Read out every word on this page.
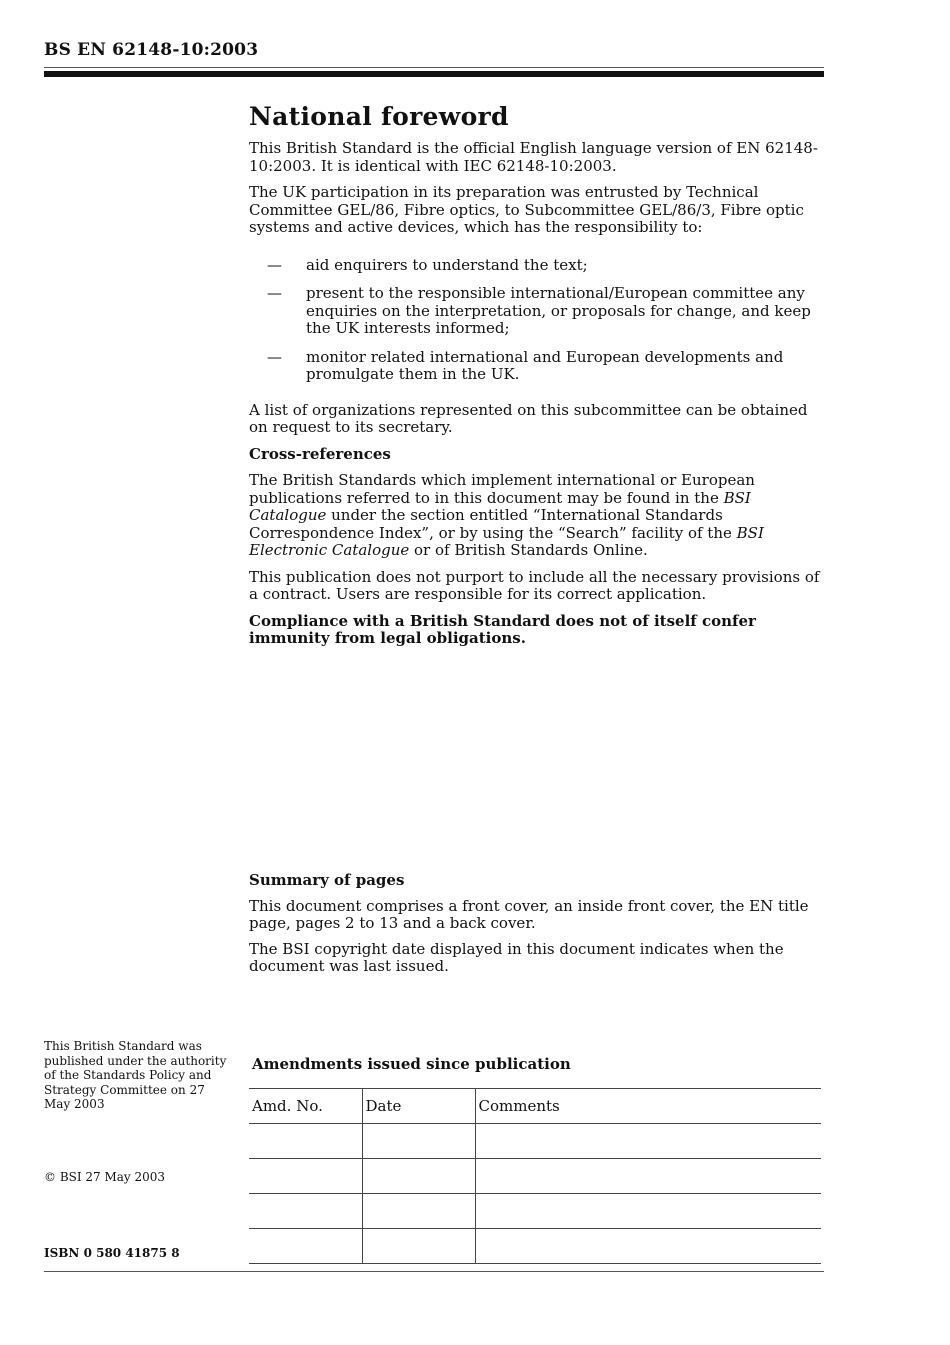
BS EN 62148-10:2003
National foreword

This British Standard is the official English language version of EN 62148-10:2003. It is identical with IEC 62148-10:2003.

The UK participation in its preparation was entrusted by Technical Committee GEL/86, Fibre optics, to Subcommittee GEL/86/3, Fibre optic systems and active devices, which has the responsibility to:

— aid enquirers to understand the text;
— present to the responsible international/European committee any enquiries on the interpretation, or proposals for change, and keep the UK interests informed;
— monitor related international and European developments and promulgate them in the UK.

A list of organizations represented on this subcommittee can be obtained on request to its secretary.

Cross-references

The British Standards which implement international or European publications referred to in this document may be found in the BSI Catalogue under the section entitled “International Standards Correspondence Index”, or by using the “Search” facility of the BSI Electronic Catalogue or of British Standards Online.

This publication does not purport to include all the necessary provisions of a contract. Users are responsible for its correct application.

Compliance with a British Standard does not of itself confer immunity from legal obligations.

Summary of pages

This document comprises a front cover, an inside front cover, the EN title page, pages 2 to 13 and a back cover.

The BSI copyright date displayed in this document indicates when the document was last issued.

This British Standard was published under the authority of the Standards Policy and Strategy Committee on 27 May 2003
© BSI 27 May 2003
ISBN 0 580 41875 8
Amendments issued since publication
Amd. No.	Date	Comments
